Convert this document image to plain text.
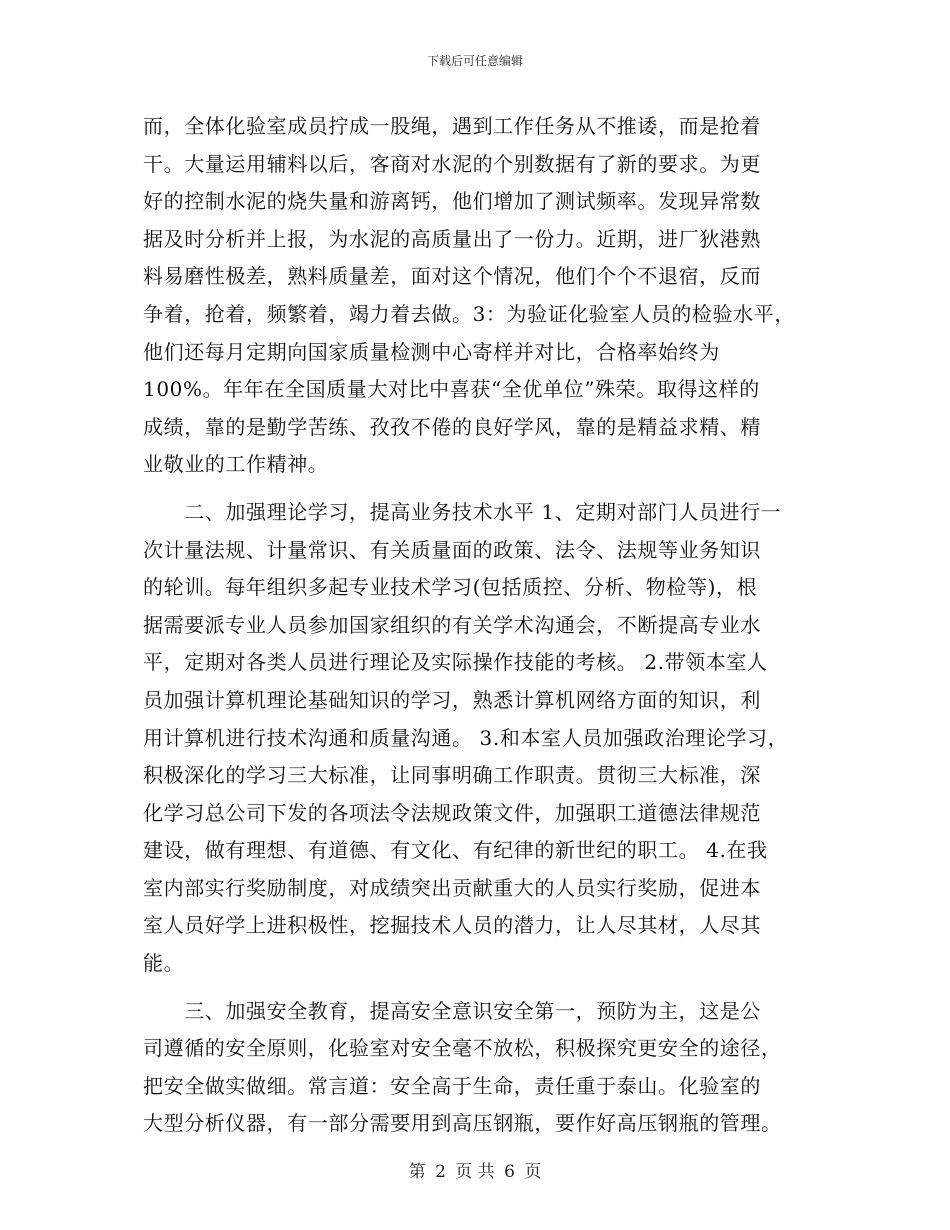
下载后可任意编辑
而，全体化验室成员拧成一股绳，遇到工作任务从不推诿，而是抢着
干。大量运用辅料以后，客商对水泥的个别数据有了新的要求。为更
好的控制水泥的烧失量和游离钙，他们增加了测试频率。发现异常数
据及时分析并上报，为水泥的高质量出了一份力。近期，进厂狄港熟
料易磨性极差，熟料质量差，面对这个情况，他们个个不退宿，反而
争着，抢着，频繁着，竭力着去做。3：为验证化验室人员的检验水平，
他们还每月定期向国家质量检测中心寄样并对比，合格率始终为
100%。年年在全国质量大对比中喜获“全优单位”殊荣。取得这样的
成绩，靠的是勤学苦练、孜孜不倦的良好学风，靠的是精益求精、精
业敬业的工作精神。
　　二、加强理论学习，提高业务技术水平 1、定期对部门人员进行一
次计量法规、计量常识、有关质量面的政策、法令、法规等业务知识
的轮训。每年组织多起专业技术学习(包括质控、分析、物检等)，根
据需要派专业人员参加国家组织的有关学术沟通会，不断提高专业水
平，定期对各类人员进行理论及实际操作技能的考核。 2.带领本室人
员加强计算机理论基础知识的学习，熟悉计算机网络方面的知识，利
用计算机进行技术沟通和质量沟通。 3.和本室人员加强政治理论学习，
积极深化的学习三大标准，让同事明确工作职责。贯彻三大标准，深
化学习总公司下发的各项法令法规政策文件，加强职工道德法律规范
建设，做有理想、有道德、有文化、有纪律的新世纪的职工。 4.在我
室内部实行奖励制度，对成绩突出贡献重大的人员实行奖励，促进本
室人员好学上进积极性，挖掘技术人员的潜力，让人尽其材，人尽其
能。
　　三、加强安全教育，提高安全意识安全第一，预防为主，这是公
司遵循的安全原则，化验室对安全毫不放松，积极探究更安全的途径，
把安全做实做细。常言道：安全高于生命，责任重于泰山。化验室的
大型分析仪器，有一部分需要用到高压钢瓶，要作好高压钢瓶的管理。
第 2 页 共 6 页
